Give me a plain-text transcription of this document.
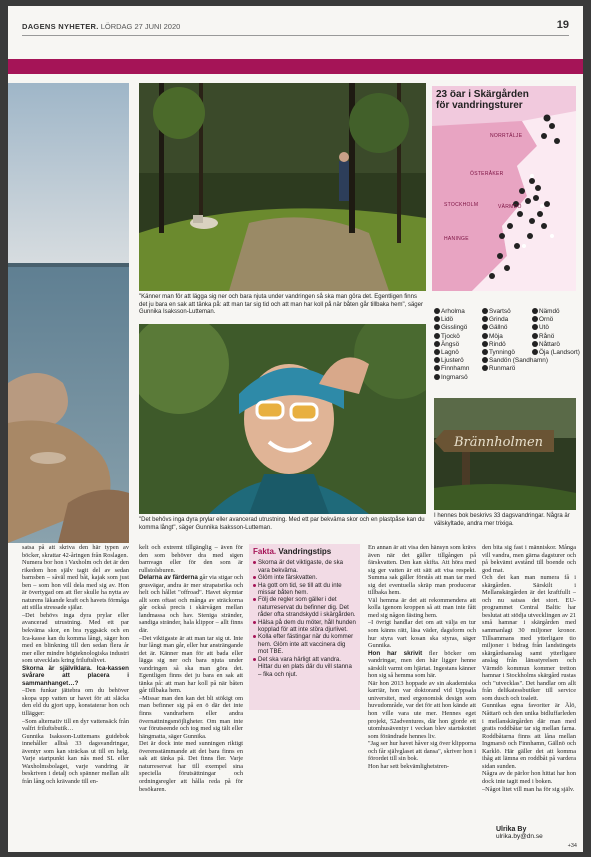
DAGENS NYHETER. LÖRDAG 27 JUNI 2020	19
"Känner man för att lägga sig ner och bara njuta under vandringen så ska man göra det. Egentligen finns det ju bara en sak att tänka på: att man tar sig tid och att man har koll på när båten går tillbaka hem", säger Gunnika Isaksson-Lutteman.
"Det behövs inga dyra prylar eller avancerad utrustning. Med ett par bekväma skor och en plastpåse kan du komma långt", säger Gunnika Isaksson-Lutteman.
23 öar i Skärgården
för vandringsturer
NORRTÄLJE
ÖSTERÅKER
STOCKHOLM	VÄRMDÖ
HANINGE
Arholma
Lidö
Gisslingö
Tjockö
Ängsö
Lagnö
Ljusterö
Finnhamn
Ingmarsö
Svartsö
Grinda
Gällnö
Möja
Rindö
Tynningö
Sandön (Sandhamn)
Runmarö
Nämdö
Ornö
Utö
Rånö
Nåttarö
Öja (Landsort)
Brännholmen
I hennes bok beskrivs 33 dagsvandringar. Några är välskyltade, andra mer trixiga.

satsa på att skriva den här typen av böcker, skrattar 42-åringen från Roslagen.

Numera bor hon i Vaxholm och det är den rikedom hon själv tagit del av sedan barnsben – såväl med båt, kajak som just ben – som hon vill dela med sig av. Hon är övertygad om att fler skulle ha nytta av naturens läkande kraft och havets förmåga att stilla stressade själar.

–Det behövs inga dyra prylar eller avancerad utrustning. Med ett par bekväma skor, en bra ryggsäck och en Ica-kasse kan du komma långt, säger hon med en blinkning till den sedan flera år mer eller mindre högteknologiska industri som utvecklats kring friluftslivet.

Skorna är själviklara. Ica-kassen svårare att placera i sammanhanget…?

–Den funkar jättebra om du behöver skopa upp vatten ur havet för att släcka den eld du gjort upp, konstaterar hon och tillägger:

–Som alternativ till en dyr vattensäck från valfri friluftsbutik…

Gunnika Isaksson-Luttemans guidebok innehåller alltså 33 dagsvandringar, äventyr som kan sträckas ut till en helg. Varje startpunkt kan nås med SL eller Waxholmsbolaget, varje vandring är beskriven i detalj och spänner mellan allt från lång och krävande till en-

kelt och extremt tillgänglig – även för den som behöver dra med sigen barnvagn eller för den som är rullstolsburen.

Delarna av färderna går via stigar och grusvägar, andra är mer strapatsrika och helt och hållet "offroad". Havet skymtar allt som oftast och många av sträckorna går också precis i skärvågen mellan landmassa och hav. Steniga stränder, sandiga stränder, hala klippor – allt finns där.

–Det viktigaste är att man tar sig ut. Inte hur långt man går, eller hur ansträngande det är. Känner man för att bada eller lägga sig ner och bara njuta under vandringen så ska man göra det. Egentligen finns det ju bara en sak att tänka på: att man har koll på när båten går tillbaka hem.

–Missar man den kan det bli stökigt om man befinner sig på en ö där det inte finns vandrarhem eller andra övernattningsmöjligheter. Om man inte var förutseende och tog med sig tält eller hängmatta, säger Gunnika.

Det är dock inte med sunningen riktigt överensstämmande att det bara finns en sak att tänka på. Det finns fler. Varje naturreservat har till exempel sina speciella förutsättningar och ordningsregler att hålla reda på för besökaren.

Fakta. Vandringstips
Skorna är det viktigaste, de ska vara bekväma.
Glöm inte färskvatten.
Ha gott om tid, se till att du inte missar båten hem.
Följ de regler som gäller i det naturreservat du befinner dig. Det råder ofta strandskydd i skärgården.
Hälsa på dem du möter, håll hunden kopplad för att inte störa djurlivet.
Kolla efter fästingar när du kommer hem. Glöm inte att vaccinera dig mot TBE.
Det ska vara härligt att vandra. Hittar du en plats där du vill stanna – fika och njut.

En annan är att visa den hänsyn som krävs även när det gäller tillgången på färskvatten. Den kan skifta. Att höra med sig ger vatten är ett sätt att visa respekt. Summa sak gäller förstås att man tar med sig det eventuella skräp man producerar tillbaka hem.

Väl hemma är det att rekommendera att kolla igenom kroppen så att man inte fått med sig någon fästing hem.

–I övrigt handlar det om att välja en tur som känns rätt, läsa väder, dagsform och hur styra vart kosan ska styras, säger Gunnika.

Hon har skrivit fler böcker om vandringar, men den här ligger henne särskilt varmt om hjärtat. Ingestans känner hon sig så hemma som här.

När hon 2013 hoppade av sin akademiska karriär, hon var doktorand vid Uppsala universitet, med ergonomisk design som huvudområde, var det för att hon kände att hon ville vara ute mer. Hennes eget projekt, 52adventures, där hon gjorde ett utomhusäventyr i veckan blev startskottet som förändrade hennes liv.

"Jag ser hur havet håver sig över klipporna och får självglaset att dansa", skriver hon i förordet till sin bok.

Hon har sett bekvämlighetstren-

den bita sig fast i människor. Många vill vandra, men gärna dagsturer och på bekvämt avstånd till boende och god mat.

Och det kan man numera få i skärgården. Särskilt i Mellanskärgården är det kraftfullt – och nu satsas det stort. EU-programmet Central Baltic har beslutat att stödja utvecklingen av 21 små hamnar i skärgården med sammanlagt 30 miljoner kronor. Tillsammans med ytterligare tio miljoner i bidrag från landstingets skärgårdsanslag samt ytterligare anslag från länsstyrelsen och Värmdö kommun kommer tretton hamnar i Stockholms skärgård rustas och "utvecklas". Det handlar om allt från delikatessbutiker till service som dusch och toalett.

Gunnikas egna favoriter är Älö, Nåttarö och den unika bidluffarleden i mellanskärgården där man med gratis roddbåtar tar sig mellan farna. Roddbåtarna finns att låna mellan Ingmarsö och Finnhamn, Gällnö och Karklö. Här gäller det att komma ihåg att lämna en roddbåt på vardera sidan sunden.

Några av de pärlor hon hittat har hon dock inte tagit med i boken.

–Något litet vill man ha för sig själv.

Ulrika By
ulrika.by@dn.se
+34
